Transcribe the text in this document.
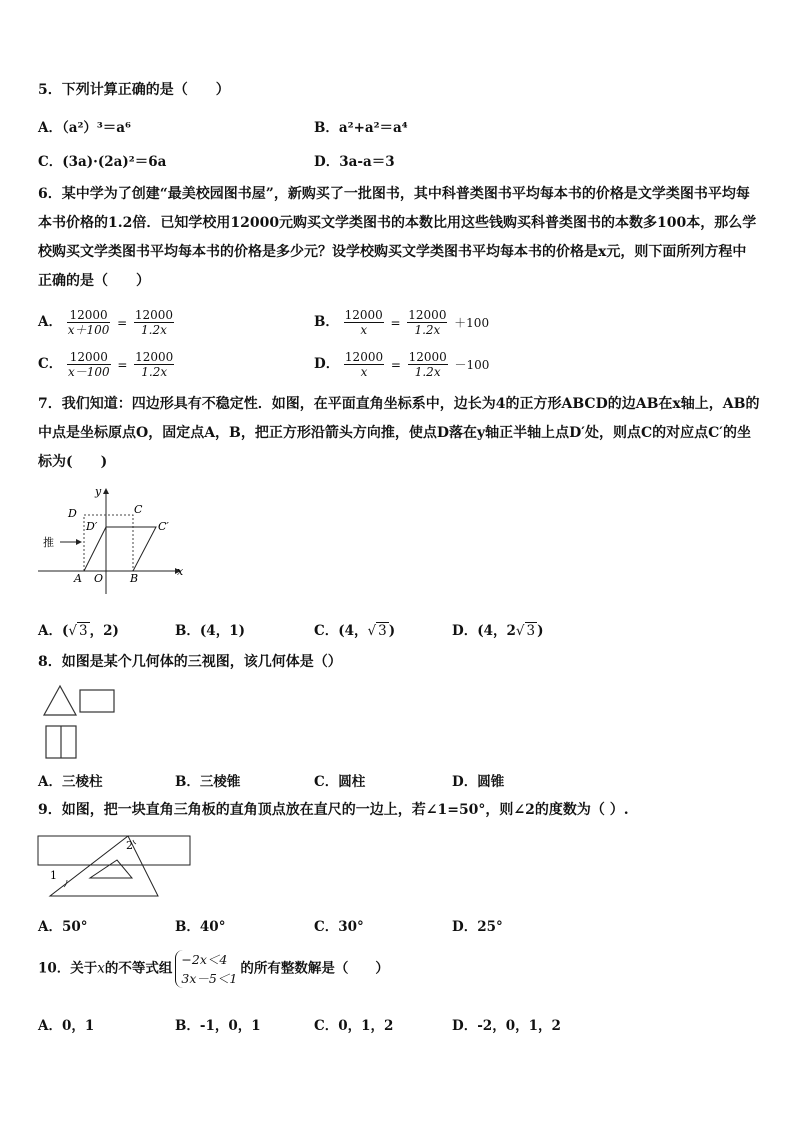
5．下列计算正确的是（　　）
A．（a²）³＝a⁶	B．a²+a²＝a⁴
C．(3a)·(2a)²＝6a	D．3a-a＝3
6．某中学为了创建“最美校园图书屋”，新购买了一批图书，其中科普类图书平均每本书的价格是文学类图书平均每本书价格的1.2倍．已知学校用12000元购买文学类图书的本数比用这些钱购买科普类图书的本数多100本，那么学校购买文学类图书平均每本书的价格是多少元？设学校购买文学类图书平均每本书的价格是x元，则下面所列方程中正确的是（　　）
A． $\frac{12000}{x+100} = \frac{12000}{1.2x}$	B． $\frac{12000}{x} = \frac{12000}{1.2x} +100$
C． $\frac{12000}{x-100} = \frac{12000}{1.2x}$	D． $\frac{12000}{x} = \frac{12000}{1.2x} -100$
7．我们知道：四边形具有不稳定性．如图，在平面直角坐标系中，边长为4的正方形ABCD的边AB在x轴上，AB的中点是坐标原点O，固定点A，B，把正方形沿箭头方向推，使点D落在y轴正半轴上点D′处，则点C的对应点C′的坐标为(　　)
推
y
x
D	C
D′	C′
A O B
A．(√ 3 ，2)	B．(4，1)	C．(4，√ 3 )	D．(4，2√ 3 )
8．如图是某个几何体的三视图，该几何体是（）
A．三棱柱	B．三棱锥	C．圆柱	D．圆锥
9．如图，把一块直角三角板的直角顶点放在直尺的一边上，若∠1=50°，则∠2的度数为（ ）.
1
2
A．50°	B．40°	C．30°	D．25°
10．关于x的不等式组
−2x＜4
3x－5＜1
的所有整数解是（　　）
A．0，1	B．-1，0，1	C．0，1，2	D．-2，0，1，2
